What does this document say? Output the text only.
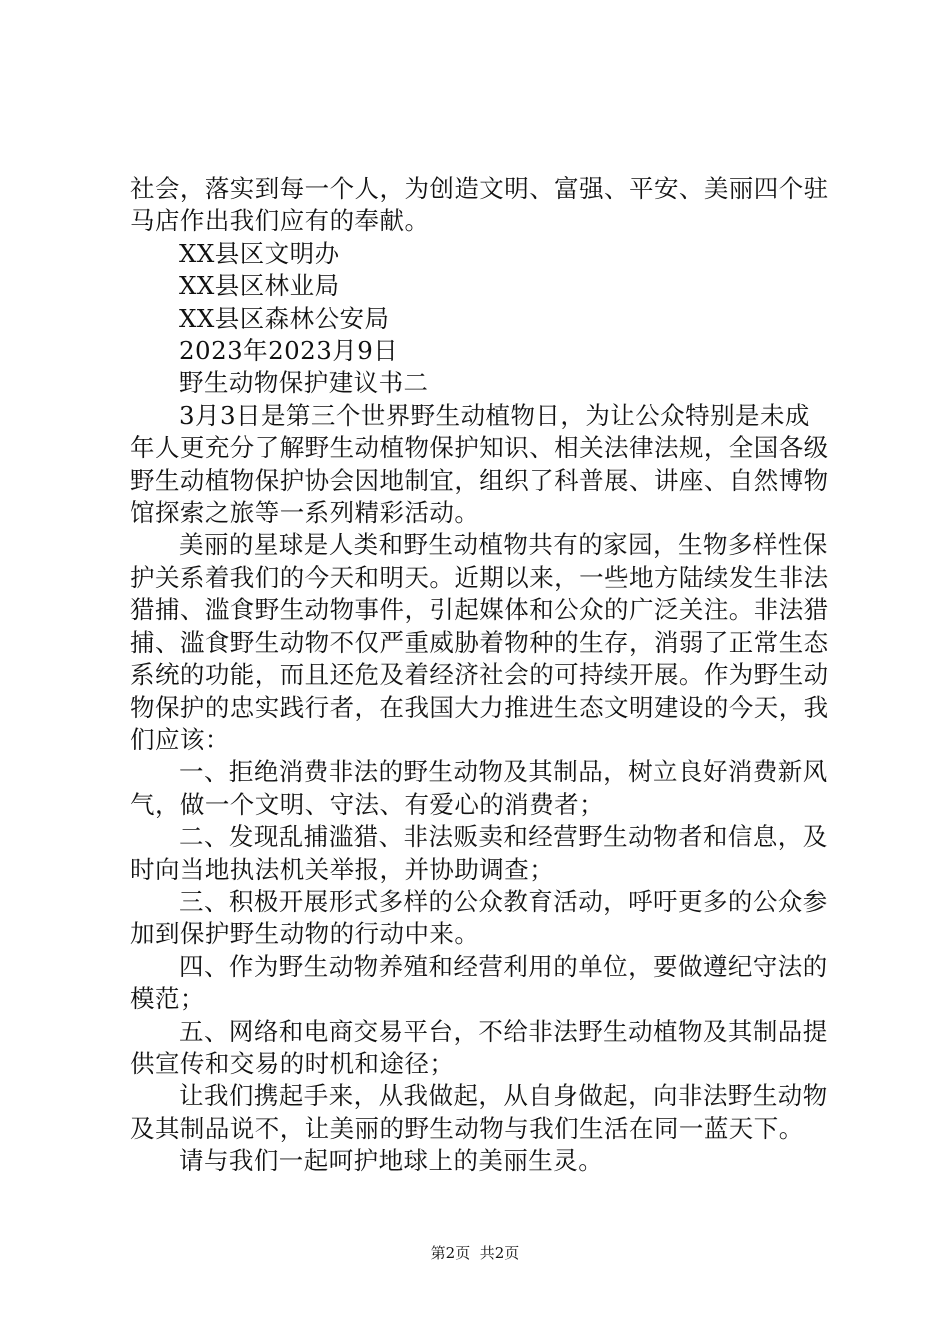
社会，落实到每一个人，为创造文明、富强、平安、美丽四个驻马店作出我们应有的奉献。

XX县区文明办

XX县区林业局

XX县区森林公安局

2023年2023月9日

野生动物保护建议书二

3月3日是第三个世界野生动植物日，为让公众特别是未成年人更充分了解野生动植物保护知识、相关法律法规，全国各级野生动植物保护协会因地制宜，组织了科普展、讲座、自然博物馆探索之旅等一系列精彩活动。

美丽的星球是人类和野生动植物共有的家园，生物多样性保护关系着我们的今天和明天。近期以来，一些地方陆续发生非法猎捕、滥食野生动物事件，引起媒体和公众的广泛关注。非法猎捕、滥食野生动物不仅严重威胁着物种的生存，消弱了正常生态系统的功能，而且还危及着经济社会的可持续开展。作为野生动物保护的忠实践行者，在我国大力推进生态文明建设的今天，我们应该：

一、拒绝消费非法的野生动物及其制品，树立良好消费新风气，做一个文明、守法、有爱心的消费者；

二、发现乱捕滥猎、非法贩卖和经营野生动物者和信息，及时向当地执法机关举报，并协助调查；

三、积极开展形式多样的公众教育活动，呼吁更多的公众参加到保护野生动物的行动中来。

四、作为野生动物养殖和经营利用的单位，要做遵纪守法的模范；

五、网络和电商交易平台，不给非法野生动植物及其制品提供宣传和交易的时机和途径；

让我们携起手来，从我做起，从自身做起，向非法野生动物及其制品说不，让美丽的野生动物与我们生活在同一蓝天下。

请与我们一起呵护地球上的美丽生灵。

第2页 共2页
